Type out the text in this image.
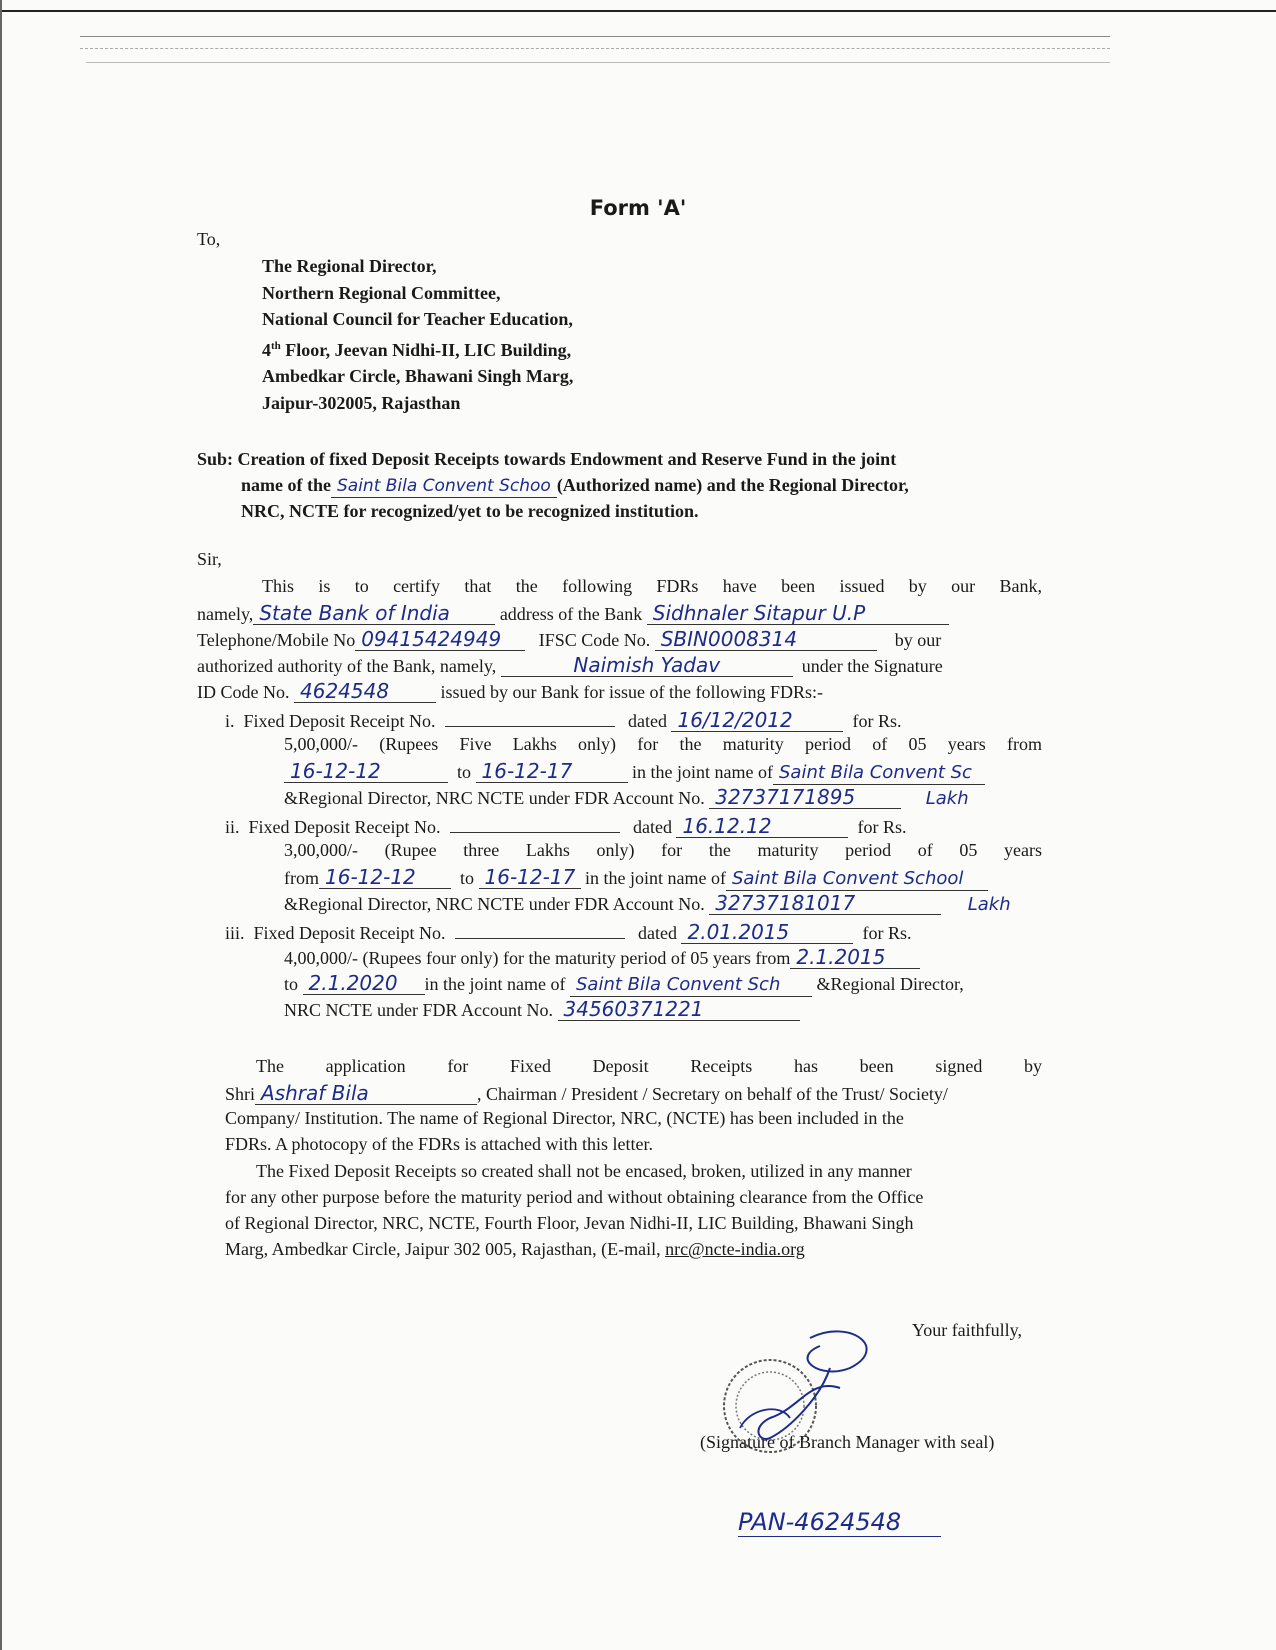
Form 'A'
To,
The Regional Director,
Northern Regional Committee,
National Council for Teacher Education,
4th Floor, Jeevan Nidhi-II, LIC Building,
Ambedkar Circle, Bhawani Singh Marg,
Jaipur-302005, Rajasthan
Sub: Creation of fixed Deposit Receipts towards Endowment and Reserve Fund in the joint
name of the Saint Bila Convent Schoo (Authorized name) and the Regional Director,
NRC, NCTE for recognized/yet to be recognized institution.
Sir,
This is to certify that the following FDRs have been issued by our Bank,
namely, State Bank of India	address of the Bank Sidhnaler Sitapur U.P
Telephone/Mobile No 09415424949 IFSC Code No. SBIN0008314	by our
authorized authority of the Bank, namely,	Naimish Yadav	under the Signature
ID Code No. 4624548	issued by our Bank for issue of the following FDRs:-
i. Fixed Deposit Receipt No.	dated 16/12/2012	for Rs.
5,00,000/- (Rupees Five Lakhs only) for the maturity period of 05 years from
16-12-12	to 16-12-17	in the joint name of Saint Bila Convent Sc
&Regional Director, NRC NCTE under FDR Account No. 32737171895	Lakh
ii. Fixed Deposit Receipt No.	dated 16.12.12	for Rs.
3,00,000/- (Rupee three Lakhs only) for the maturity period of 05 years
from 16-12-12 to 16-12-17 in the joint name of Saint Bila Convent School
&Regional Director, NRC NCTE under FDR Account No. 32737181017	Lakh
iii. Fixed Deposit Receipt No.	dated 2.01.2015	for Rs.
4,00,000/- (Rupees four only) for the maturity period of 05 years from 2.1.2015
to 2.1.2020 in the joint name of Saint Bila Convent Sch &Regional Director,
NRC NCTE under FDR Account No. 34560371221
The application for Fixed Deposit Receipts has been signed by
Shri Ashraf Bila	, Chairman / President / Secretary on behalf of the Trust/ Society/
Company/ Institution. The name of Regional Director, NRC, (NCTE) has been included in the
FDRs. A photocopy of the FDRs is attached with this letter.
The Fixed Deposit Receipts so created shall not be encased, broken, utilized in any manner
for any other purpose before the maturity period and without obtaining clearance from the Office
of Regional Director, NRC, NCTE, Fourth Floor, Jevan Nidhi-II, LIC Building, Bhawani Singh
Marg, Ambedkar Circle, Jaipur 302 005, Rajasthan, (E-mail, nrc@ncte-india.org
Your faithfully,
(Signature of Branch Manager with seal)
PAN-4624548
